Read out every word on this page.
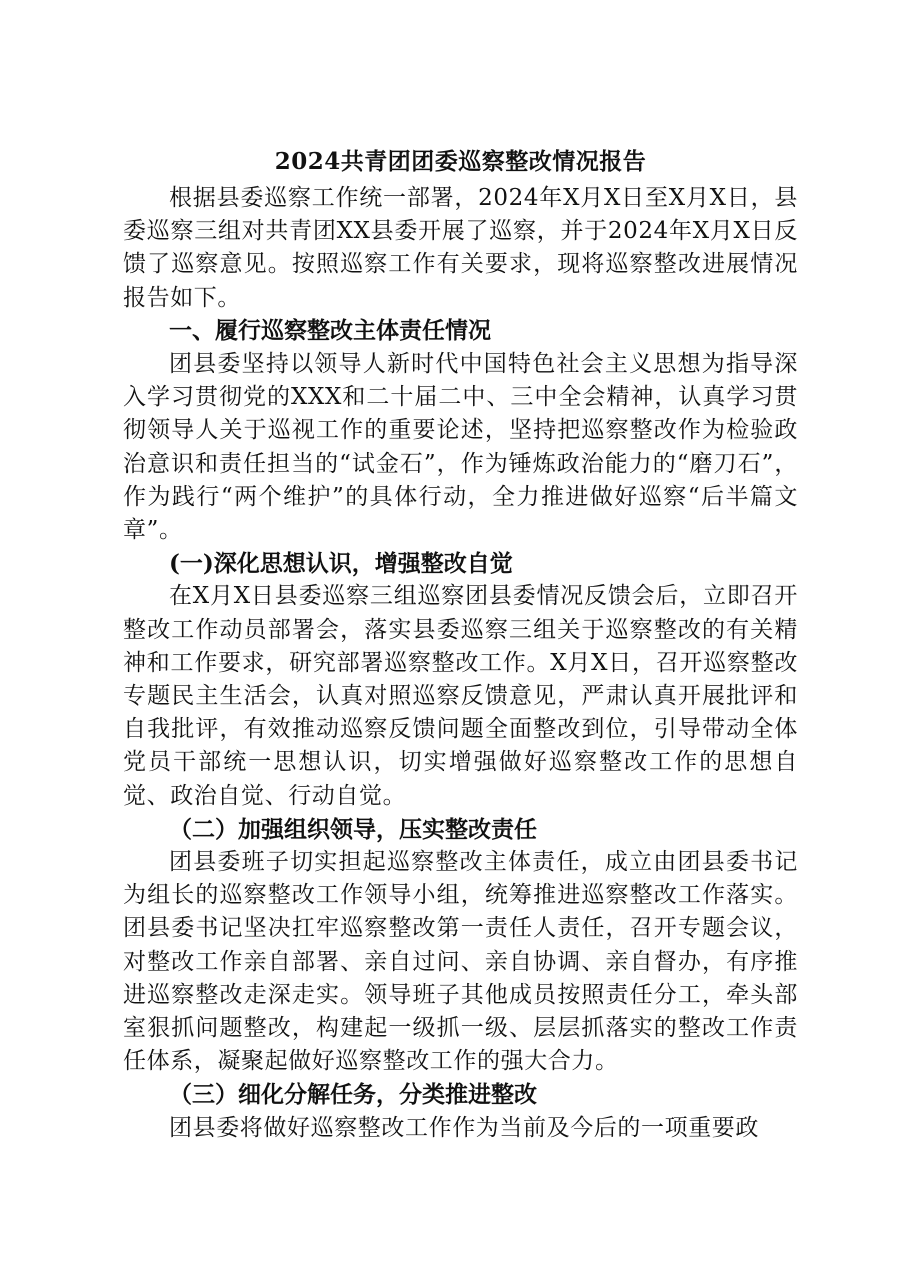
2024共青团团委巡察整改情况报告

根据县委巡察工作统一部署，2024年X月X日至X月X日，县委巡察三组对共青团XX县委开展了巡察，并于2024年X月X日反馈了巡察意见。按照巡察工作有关要求，现将巡察整改进展情况报告如下。

一、履行巡察整改主体责任情况

团县委坚持以领导人新时代中国特色社会主义思想为指导深入学习贯彻党的XXX和二十届二中、三中全会精神，认真学习贯彻领导人关于巡视工作的重要论述，坚持把巡察整改作为检验政治意识和责任担当的“试金石”，作为锤炼政治能力的“磨刀石”，作为践行“两个维护”的具体行动，全力推进做好巡察“后半篇文章”。

(一)深化思想认识，增强整改自觉

在X月X日县委巡察三组巡察团县委情况反馈会后，立即召开整改工作动员部署会，落实县委巡察三组关于巡察整改的有关精神和工作要求，研究部署巡察整改工作。X月X日，召开巡察整改专题民主生活会，认真对照巡察反馈意见，严肃认真开展批评和自我批评，有效推动巡察反馈问题全面整改到位，引导带动全体党员干部统一思想认识，切实增强做好巡察整改工作的思想自觉、政治自觉、行动自觉。

（二）加强组织领导，压实整改责任

团县委班子切实担起巡察整改主体责任，成立由团县委书记为组长的巡察整改工作领导小组，统筹推进巡察整改工作落实。团县委书记坚决扛牢巡察整改第一责任人责任，召开专题会议，对整改工作亲自部署、亲自过问、亲自协调、亲自督办，有序推进巡察整改走深走实。领导班子其他成员按照责任分工，牵头部室狠抓问题整改，构建起一级抓一级、层层抓落实的整改工作责任体系，凝聚起做好巡察整改工作的强大合力。

（三）细化分解任务，分类推进整改

团县委将做好巡察整改工作作为当前及今后的一项重要政
